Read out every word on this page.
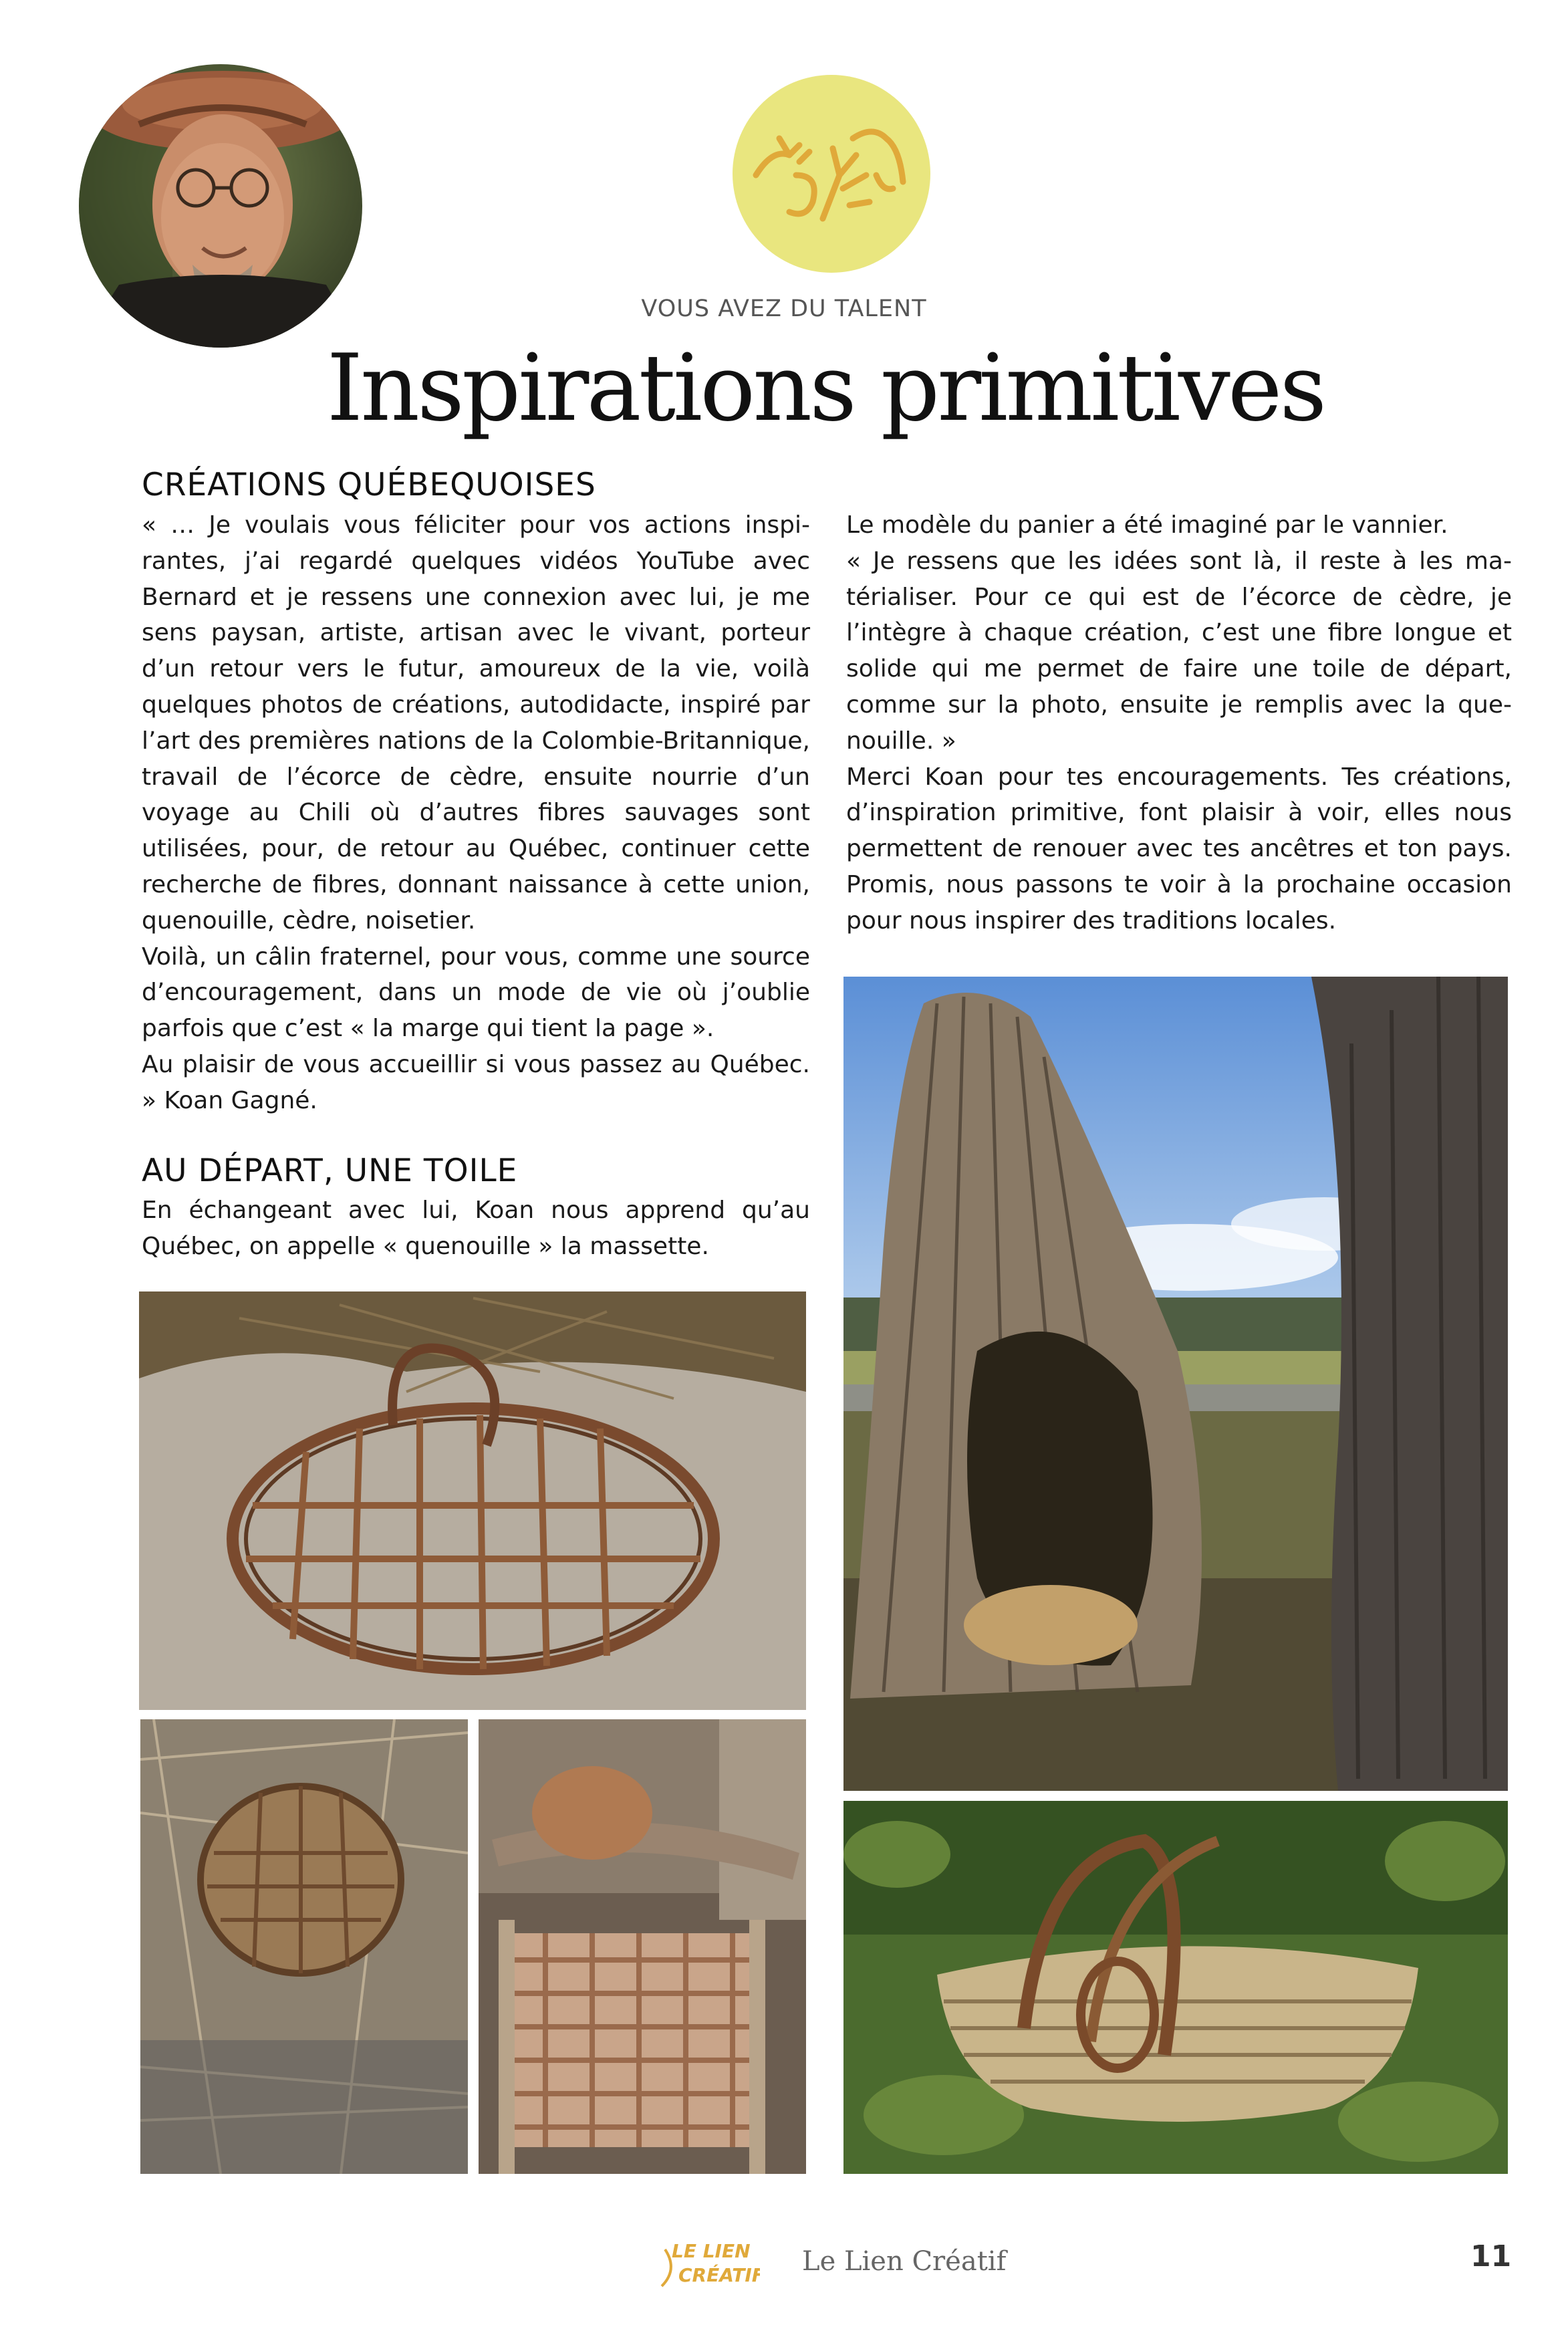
VOUS AVEZ DU TALENT
Inspirations primitives
CRÉATIONS QUÉBEQUOISES

« … Je voulais vous féliciter pour vos actions inspirantes, j’ai regardé quelques vidéos YouTube avec Bernard et je ressens une connexion avec lui, je me sens paysan, artiste, artisan avec le vivant, porteur d’un retour vers le futur, amoureux de la vie, voilà quelques photos de créations, autodidacte, inspiré par l’art des premières nations de la Colombie-Britannique, travail de l’écorce de cèdre, ensuite nourrie d’un voyage au Chili où d’autres fibres sauvages sont utilisées, pour, de retour au Québec, continuer cette recherche de fibres, donnant naissance à cette union, quenouille, cèdre, noisetier.

Voilà, un câlin fraternel, pour vous, comme une source d’encouragement, dans un mode de vie où j’oublie parfois que c’est « la marge qui tient la page ».

Au plaisir de vous accueillir si vous passez au Québec. » Koan Gagné.

AU DÉPART, UNE TOILE

En échangeant avec lui, Koan nous apprend qu’au Québec, on appelle « quenouille » la massette.

Le modèle du panier a été imaginé par le vannier.

« Je ressens que les idées sont là, il reste à les matérialiser. Pour ce qui est de l’écorce de cèdre, je l’intègre à chaque création, c’est une fibre longue et solide qui me permet de faire une toile de départ, comme sur la photo, ensuite je remplis avec la quenouille. »

Merci Koan pour tes encouragements. Tes créations, d’inspiration primitive, font plaisir à voir, elles nous permettent de renouer avec tes ancêtres et ton pays. Promis, nous passons te voir à la prochaine occasion pour nous inspirer des traditions locales.

LE LIEN
CRÉATIF Le Lien Créatif	11
